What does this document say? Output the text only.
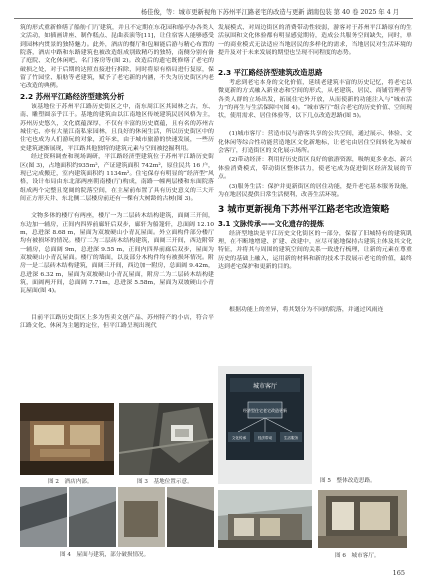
杨佳俊，等：城市更新视角下苏州平江路老宅的改造与更新 湖南包装 第 40 卷 2025 年 4 月

筑的形式重新修缮了船舫·门厅建筑，并且不定期在东花园和船亭办各类人文活动，如插画讲座、制作糕点、昆曲表演等[11]，让住宿客人能够感受到园林内贯景的独特魅力。此外，酒店的餐厅和包厢能后游与精心布置的院落，酒店中路和东路建筑也被改造组成别致精巧的独特，南侧分别有备了庭院、文化休闲吧、名门客房等(图 2)。改造后的遗宅既修缮了老宅的破损之处，对于后期的达照直接进行拆除，同时将原有格局进行复原，保留了竹园堂、船舫等老建筑，赋予了老宅新的内涵，不失为历史街区内老宅改造的典例。

2.2 苏州平江路经济型建筑分析

该基地位于苏州平江路历史街区之中，南东周江区其园林之古，东、南、雕塑圆亲乎江于。基地的建筑由以江南地区传统建筑民居风格为主，苏州历史悠久，文化底蕴深厚，不仅有丰富的历史底蕴，且有名的苏州古城住宅、亦有大量江南私家园林，且良好的休闲生活，所以历史街区中的住宅也成为人们游玩的对象，近年来，由于城市旅游的快速发展，一些历史建筑逐渐展现，平江路其他独特的建筑元素与空间被挖掘利用。

经过资料调查和现场调研，平江路经济型建筑位于苏州平江路历史街区(图 3)，占地面积约935m²，产证建筑面积 742m²，原住民共 16 户，现已完成搬迁，室内建筑面积约 1134m²。住宅保存有明显的“经济型”风格，设计布局由东北部两座朝南楼(厅)构成，南路一幢两层楼和东面院落组成两个完整且宽阔的院落空间，在主屋前布置了具有历史意义的三大开间正方形天井、东北侧二层楼房前还有一棵有大树龄的古树(图 3)。

文物多体的楼厅有两座，楼厅一为二层砖木结构建筑，面阔三开间，东边加一辅房，正间内四界前廊轩后双步，廊轩为船篷轩，总面阔 12.10 m，总进深 8.68 m，屋面为双坡硬山小青瓦屋面。外立面构件部分楼厅均有被损坏的情况。楼厅二为二层砖木结构建筑，面阔三开间，西边附带一辅房，总面阔 9m，总进深 9.55 m，正间内四界前廊后双步，屋面为双坡硬山小青瓦屋面。楼厅的墙面，以及部分木构件均有被损坏情况。附房一是二层砖木结构建筑，面阔三开间，西边加一附房，总面阔 9.42m，总进深 6.32 m，屋面为双坡硬山小青瓦屋面，附房二为二层砖木结构建筑，面阔两开间，总面阔 7.71m，总进深 5.58m，屋面为双坡硬山小青瓦屋面(图 4)。

目前平江路历史街区上多为售卖文创产品、苏州特产的小店，符合平江路文化、休闲为主题的定位，但平江路呈现出现代

图 2　酒店内部。	图 3　基地位置示意。
图 4　屋面与建筑，部分破损情况。

发展模式、对周边街区的消费带动性较弱，游客对于苏州平江路原有的生活氛围和文化体验都有明显感觉期待，造成公共服务空间缺失，同时，单一的商业模式无法适应当地居民的多样化的需求，当地居民对生活环境的提升及对于未来发展的期望也呈现不同程度的态势。

2.3 平江路经济型建筑改造思路

考虑到老宅本身的文化价值，延续老建筑丰富的历史记忆，将老宅以微更新的方式融入新业态和空间的形式，从老建筑、居民、商铺管理者等各类人群的立场出发，拓展住宅外开放，从而使新的功能注入与“城市活力”的再生与生活保障中(图 4)。“城市客厅”组合老宅的历史价值、空间现状，使用需求、居住体验等，以下几点改造思路(图 5)。

(1)城市客厅：营造市民与游客共享的公共空间，通过展示、体验、文化休闲等综合性功能营造地区文化新地标，让老宅由居住空间转化为城市会客厅，打造街区的文化展示场所。

(2)带动经济：利用好历史街区良好的旅游资源，吸纳更多业态、新兴体验消费模式，带动街区整体活力，使老宅成为促进街区经济发展的节点。

(3)服务生活：保护并更新街区的居住功能，提升老宅基本服务设施，为在地居民提供日常生活便利，改善生活环境。

3 城市更新视角下苏州平江路老宅改造策略
3.1 文脉传承——文化遗存的提炼

经济型地块是平江历史文化街区的一部分，保留了旧城特有的建筑肌理，在不断地增建、扩建、改建中，应尽可能地保持古建筑主体及其文化特征，并将其与周围的建筑空间的关系一致进行梳理，让新的元素在尊重历史的基础上融入，运用新的材料和新的技术手段展示老宅的价值，最终达到老宅保护和更新的目的。

根据功能上的差异，将其划分为不同的院落，并通过风雨连

城市客厅
经济型住宅老宅改造更新
文化传承	经济带动	生活服务
图 5　整体改造思路。
图 6　城市客厅。
165
